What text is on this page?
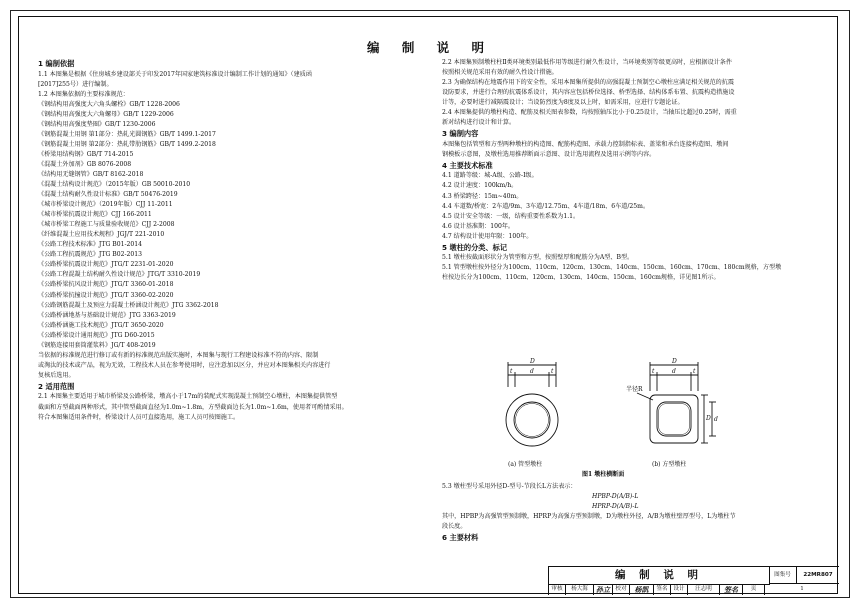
编 制 说 明
1 编制依据
1.1 本图集是根据《住房城乡建设部关于印发2017年国家建筑标准设计编制工作计划的通知》（建质函
[2017]255号）进行编制。
1.2 本图集依据的主要标准规范：
《钢结构用高强度大六角头螺栓》GB/T 1228-2006
《钢结构用高强度大六角螺母》GB/T 1229-2006
《钢结构用高强度垫圈》GB/T 1230-2006
《钢筋混凝土用钢 第1部分：热轧光圆钢筋》GB/T 1499.1-2017
《钢筋混凝土用钢 第2部分：热轧带肋钢筋》GB/T 1499.2-2018
《桥梁用结构钢》GB/T 714-2015
《混凝土外加剂》GB 8076-2008
《结构用无缝钢管》GB/T 8162-2018
《混凝土结构设计规范》（2015年版）GB 50010-2010
《混凝土结构耐久性设计标准》GB/T 50476-2019
《城市桥梁设计规范》（2019年版）CJJ 11-2011
《城市桥梁抗震设计规范》CJJ 166-2011
《城市桥梁工程施工与质量验收规范》CJJ 2-2008
《纤维混凝土应用技术规程》JGJ/T 221-2010
《公路工程技术标准》JTG B01-2014
《公路工程抗震规范》JTG B02-2013
《公路桥梁抗震设计规范》JTG/T 2231-01-2020
《公路工程混凝土结构耐久性设计规范》JTG/T 3310-2019
《公路桥梁抗风设计规范》JTG/T 3360-01-2018
《公路桥梁抗撞设计规范》JTG/T 3360-02-2020
《公路钢筋混凝土及预应力混凝土桥涵设计规范》JTG 3362-2018
《公路桥涵地基与基础设计规范》JTG 3363-2019
《公路桥涵施工技术规范》JTG/T 3650-2020
《公路桥梁设计通用规范》JTG D60-2015
《钢筋连接用套筒灌浆料》JG/T 408-2019
当依据的标准规范进行修订或有新的标准规范出版实施时，本图集与现行工程建设标准不符的内容、限制
或淘汰的技术或产品，视为无效，工程技术人员在参考使用时，应注意加以区分，并应对本图集相关内容进行
复核后选用。
2 适用范围
2.1 本图集主要适用于城市桥梁及公路桥梁，墩高小于17m的装配式实现混凝土预制空心墩柱，本图集提供管型
截面和方型截面两种形式，其中管型截面直径为1.0m~1.8m，方型截面边长为1.0m~1.6m，使用者可酌情采用。
符合本图集适用条件时，桥梁设计人员可直接选用，施工人员可按图施工。
2.2 本图集预制墩柱柱Ⅱ类环境类别最低作用等级进行耐久性设计，当环境类别等级更高时，应根据设计条件
按照相关规范采用有效的耐久性设计措施。
2.3 为确保结构在地震作用下的安全性，采用本图集所提供的高强混凝土预制空心墩柱应满足相关规范的抗震
设防要求，并进行合理的抗震体系设计，其内容应包括桥位选择、桥型选择、结构体系布置、抗震构造措施设
计等，必要时进行减隔震设计；当设防烈度为8度及以上时，如需采用，应进行专题论证。
2.4 本图集提供的墩柱构造、配筋及相关图表参数，均按照轴压比小于0.25设计，当轴压比超过0.25时，需重
新对结构进行设计和计算。
3 编制内容
本图集包括管型和方型两种墩柱的构造图、配筋构造图、承载力控制指标表、盖梁和承台连接构造图、墩间
钢模板示意图，及墩柱选用推荐断面示意图、设计选用流程及选用示例等内容。
4 主要技术标准
4.1 道路等级：城-A级、公路-Ⅰ级。
4.2 设计速度：100km/h。
4.3 桥梁跨径：15m~40m。
4.4 车道数/桥宽：2车道/9m、3车道/12.75m、4车道/18m、6车道/25m。
4.5 设计安全等级：一级，结构重要性系数为1.1。
4.6 设计基准期：100年。
4.7 结构设计使用年限：100年。
5 墩柱的分类、标记
5.1 墩柱按截面形状分为管型和方型，按照壁厚和配筋分为A型、B型。
5.1 管型墩柱按外径分为100cm、110cm、120cm、130cm、140cm、150cm、160cm、170cm、180cm规格，方型墩
柱按边长分为100cm、110cm、120cm、130cm、140cm、150cm、160cm规格，详见图1所示。
D
d
t	t
D
d
t	t
D d
半径R
(a) 管型墩柱	(b) 方型墩柱
图1 墩柱横断面
5.3 墩柱型号采用外径D-型号-节段长L方法表示：
HPBP-D(A/B)-L
HPRP-D(A/B)-L
其中，HPBP为高强管型预制墩，HPRP为高强方型预制墩，D为墩柱外径，A/B为墩柱壁厚型号，L为墩柱节
段长度。
6 主要材料
编 制 说 明	图集号	22MR807
审核	杨大海	孙立 校对	杨凯	签名	设计	汪志明	签名	页	1
